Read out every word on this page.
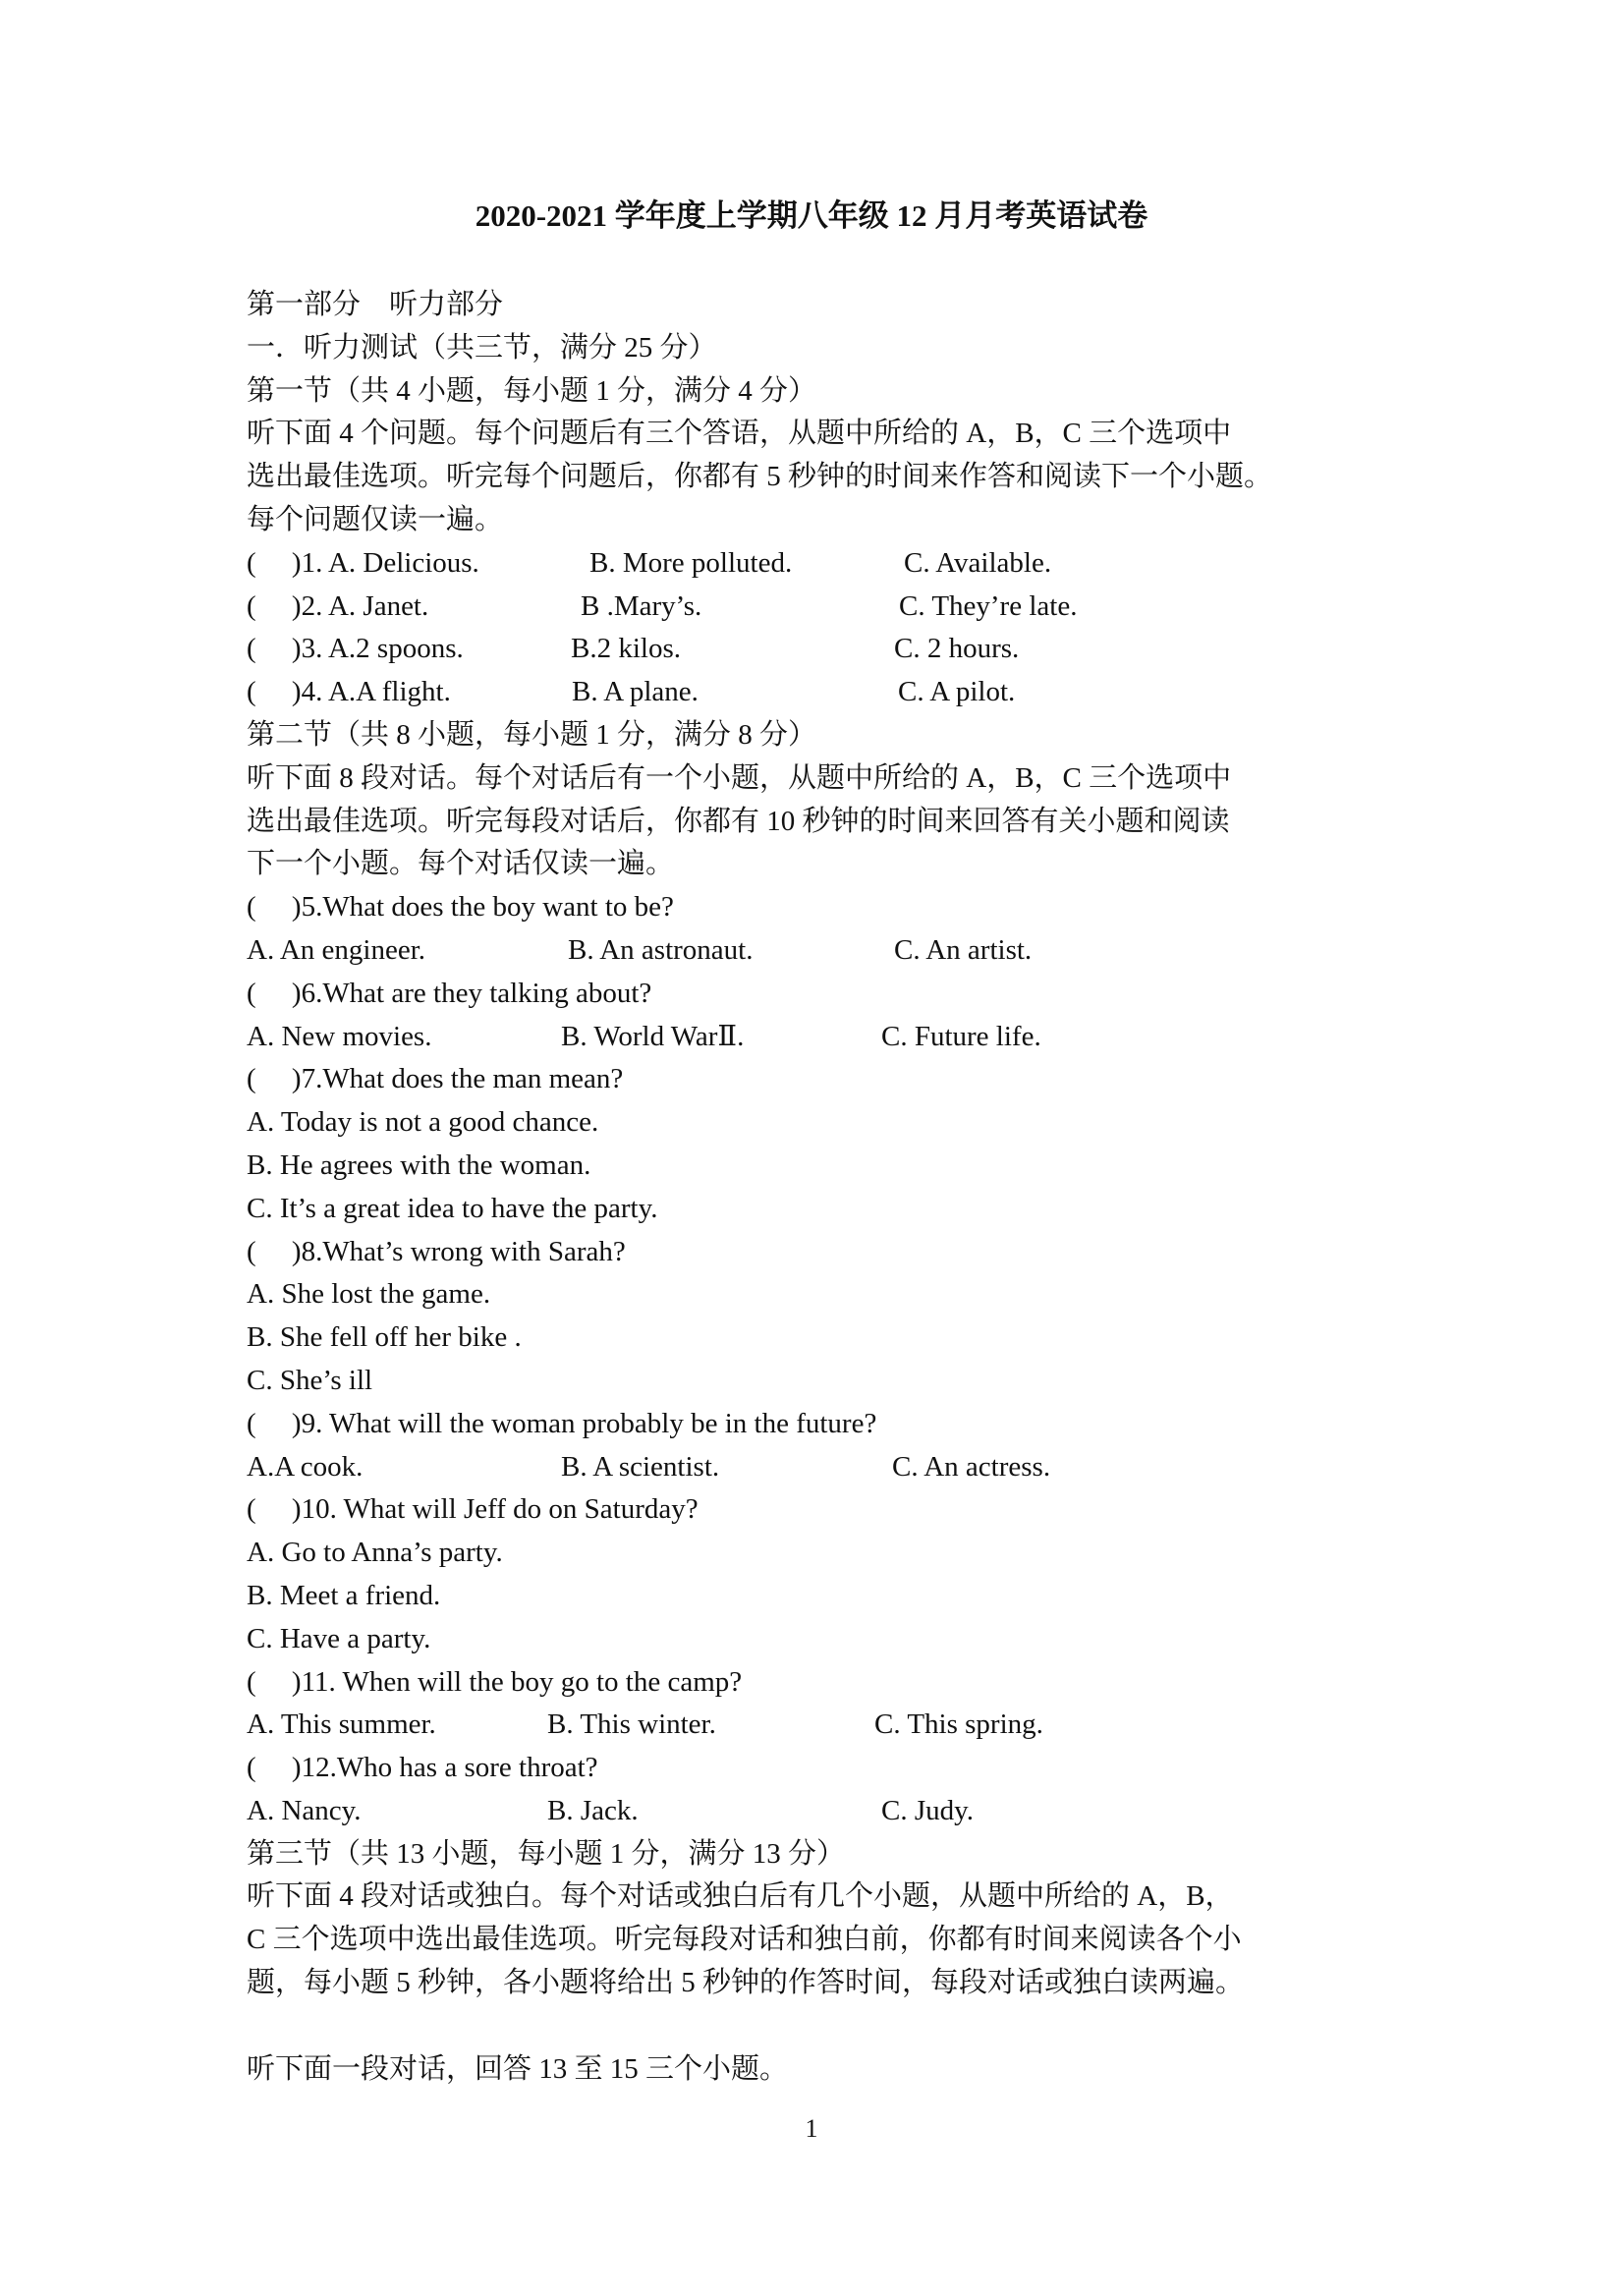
2020-2021 学年度上学期八年级 12 月月考英语试卷
第一部分　听力部分
一．听力测试（共三节，满分 25 分）
第一节（共 4 小题，每小题 1 分，满分 4 分）
听下面 4 个问题。每个问题后有三个答语，从题中所给的 A，B，C 三个选项中
选出最佳选项。听完每个问题后，你都有 5 秒钟的时间来作答和阅读下一个小题。
每个问题仅读一遍。
(　 )1. A. Delicious.	B. More polluted.	C. Available.
(　 )2. A. Janet.	B .Mary’s.	C. They’re late.
(　 )3. A.2 spoons.	B.2 kilos.	C. 2 hours.
(　 )4. A.A flight.	B. A plane.	C. A pilot.
第二节（共 8 小题，每小题 1 分，满分 8 分）
听下面 8 段对话。每个对话后有一个小题，从题中所给的 A，B，C 三个选项中
选出最佳选项。听完每段对话后，你都有 10 秒钟的时间来回答有关小题和阅读
下一个小题。每个对话仅读一遍。
(　 )5.What does the boy want to be?
A. An engineer.	B. An astronaut.	C. An artist.
(　 )6.What are they talking about?
A. New movies.	B. World WarⅡ.	C. Future life.
(　 )7.What does the man mean?
A. Today is not a good chance.
B. He agrees with the woman.
C. It’s a great idea to have the party.
(　 )8.What’s wrong with Sarah?
A. She lost the game.
B. She fell off her bike .
C. She’s ill
(　 )9. What will the woman probably be in the future?
A.A cook.	B. A scientist.	C. An actress.
(　 )10. What will Jeff do on Saturday?
A. Go to Anna’s party.
B. Meet a friend.
C. Have a party.
(　 )11. When will the boy go to the camp?
A. This summer.	B. This winter.	C. This spring.
(　 )12.Who has a sore throat?
A. Nancy.	B. Jack.	C. Judy.
第三节（共 13 小题，每小题 1 分，满分 13 分）
听下面 4 段对话或独白。每个对话或独白后有几个小题，从题中所给的 A，B，
C 三个选项中选出最佳选项。听完每段对话和独白前，你都有时间来阅读各个小
题，每小题 5 秒钟，各小题将给出 5 秒钟的作答时间，每段对话或独白读两遍。
听下面一段对话，回答 13 至 15 三个小题。
1
